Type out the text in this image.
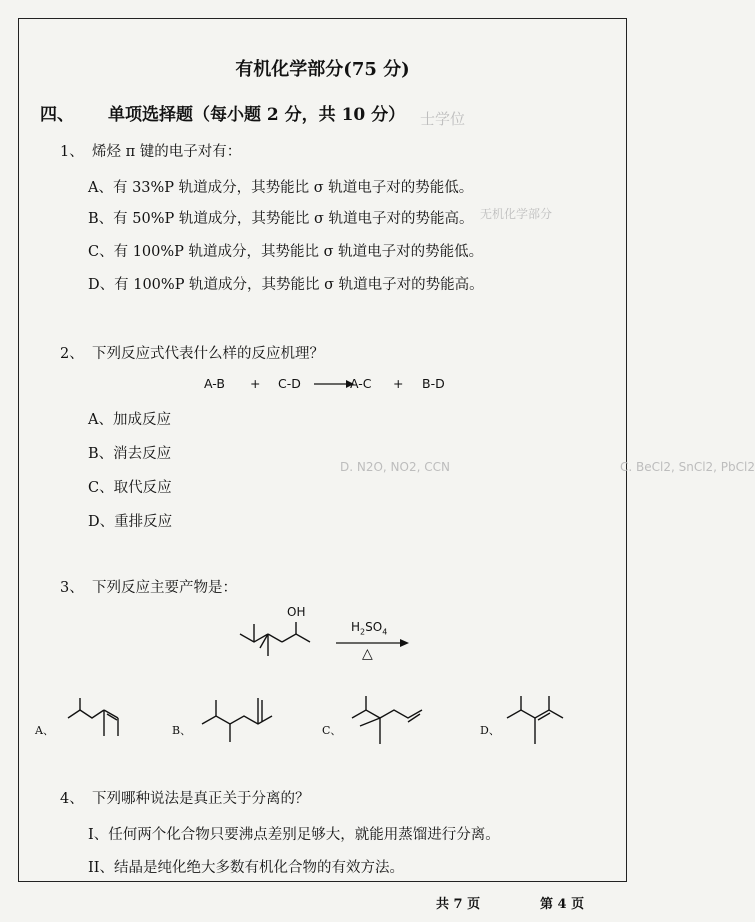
士学位
无机化学部分
C. BeCl2, SnCl2, PbCl2
D. N2O, NO2, CCN
有机化学部分(75 分)
四、 单项选择题（每小题 2 分，共 10 分）
1、 烯烃 π 键的电子对有：
A、有 33%P 轨道成分，其势能比 σ 轨道电子对的势能低。
B、有 50%P 轨道成分，其势能比 σ 轨道电子对的势能高。
C、有 100%P 轨道成分，其势能比 σ 轨道电子对的势能低。
D、有 100%P 轨道成分，其势能比 σ 轨道电子对的势能高。
2、 下列反应式代表什么样的反应机理？
A-B + C-D →
A-C + B-D
A、加成反应
B、消去反应
C、取代反应
D、重排反应
3、 下列反应主要产物是：
OH
$H_2SO_4$
△
A、	B、	C、	D、
4、 下列哪种说法是真正关于分离的？
I、任何两个化合物只要沸点差别足够大，就能用蒸馏进行分离。
II、结晶是纯化绝大多数有机化合物的有效方法。
共 7 页	第 4 页
